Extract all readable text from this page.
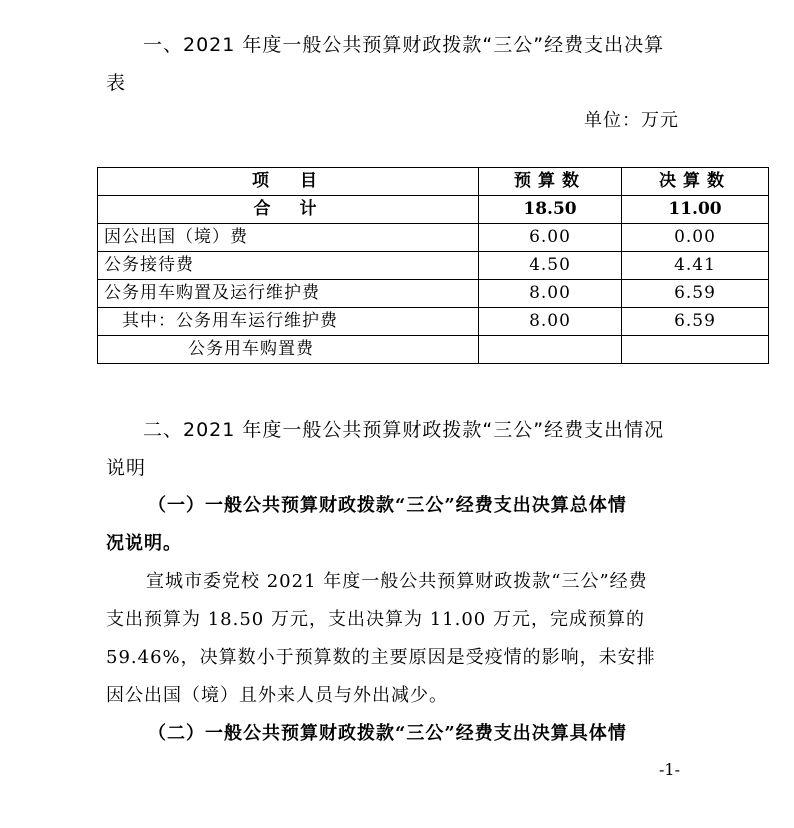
一、2021 年度一般公共预算财政拨款“三公”经费支出决算
表
单位：万元
项　目	预算数	决算数
合　计	18.50	11.00
因公出国（境）费	6.00	0.00
公务接待费	4.50	4.41
公务用车购置及运行维护费	8.00	6.59
其中：公务用车运行维护费	8.00	6.59
公务用车购置费		
二、2021 年度一般公共预算财政拨款“三公”经费支出情况
说明
（一）一般公共预算财政拨款“三公”经费支出决算总体情
况说明。
宣城市委党校 2021 年度一般公共预算财政拨款“三公”经费
支出预算为 18.50 万元，支出决算为 11.00 万元，完成预算的
59.46%，决算数小于预算数的主要原因是受疫情的影响，未安排
因公出国（境）且外来人员与外出减少。
（二）一般公共预算财政拨款“三公”经费支出决算具体情
-1-
